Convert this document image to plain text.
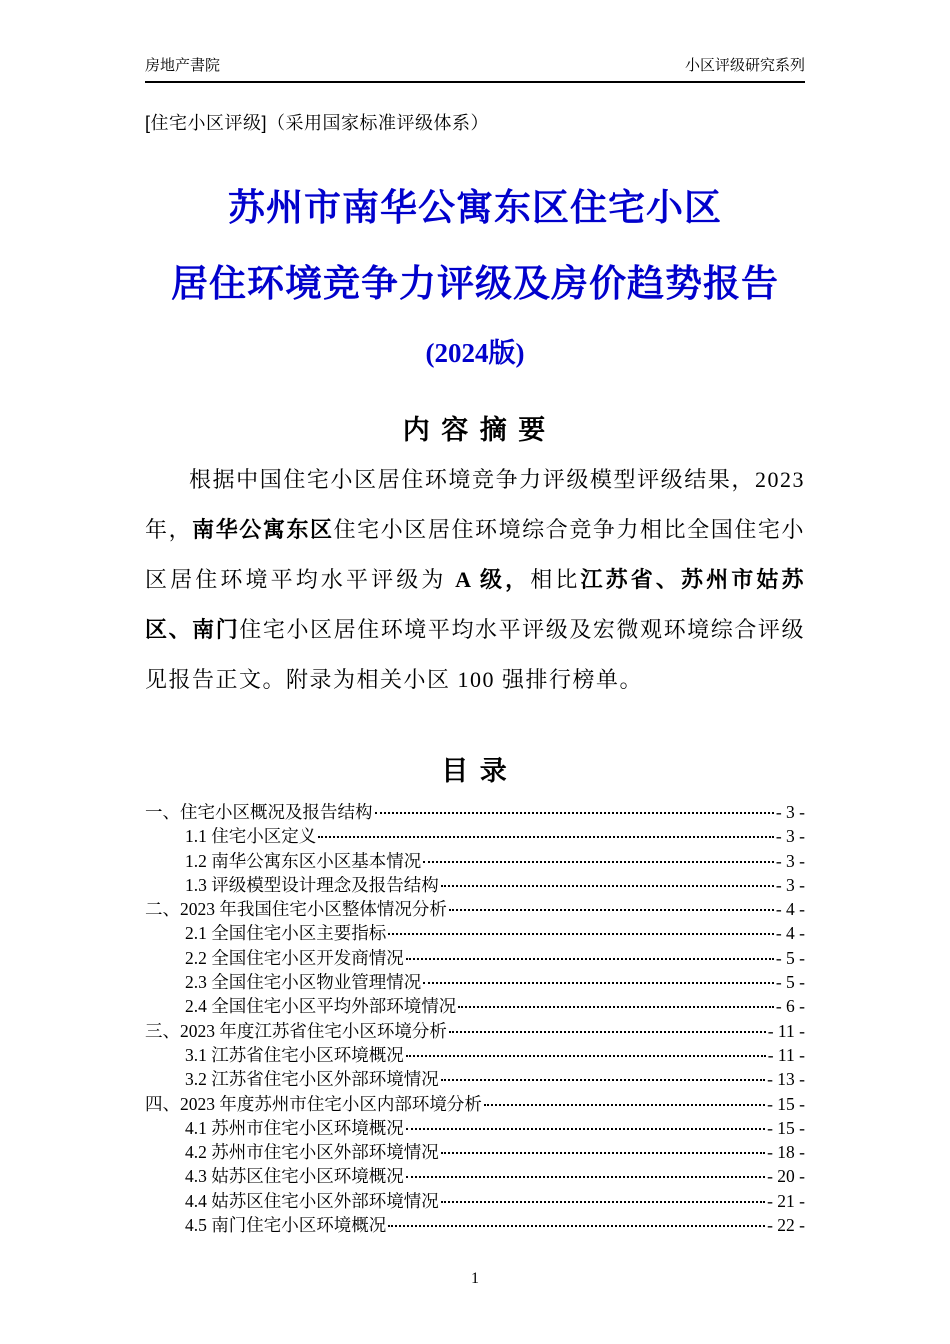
房地产書院	小区评级研究系列
[住宅小区评级]（采用国家标准评级体系）
苏州市南华公寓东区住宅小区
居住环境竞争力评级及房价趋势报告
(2024版)
内 容 摘 要

根据中国住宅小区居住环境竞争力评级模型评级结果，2023 年，南华公寓东区住宅小区居住环境综合竞争力相比全国住宅小区居住环境平均水平评级为 A 级，相比江苏省、苏州市姑苏区、南门住宅小区居住环境平均水平评级及宏微观环境综合评级见报告正文。附录为相关小区 100 强排行榜单。

目 录
一、住宅小区概况及报告结构	- 3 -
1.1 住宅小区定义	- 3 -
1.2 南华公寓东区小区基本情况	- 3 -
1.3 评级模型设计理念及报告结构	- 3 -
二、2023 年我国住宅小区整体情况分析	- 4 -
2.1 全国住宅小区主要指标	- 4 -
2.2 全国住宅小区开发商情况	- 5 -
2.3 全国住宅小区物业管理情况	- 5 -
2.4 全国住宅小区平均外部环境情况	- 6 -
三、2023 年度江苏省住宅小区环境分析	- 11 -
3.1 江苏省住宅小区环境概况	- 11 -
3.2 江苏省住宅小区外部环境情况	- 13 -
四、2023 年度苏州市住宅小区内部环境分析	- 15 -
4.1 苏州市住宅小区环境概况	- 15 -
4.2 苏州市住宅小区外部环境情况	- 18 -
4.3 姑苏区住宅小区环境概况	- 20 -
4.4 姑苏区住宅小区外部环境情况	- 21 -
4.5 南门住宅小区环境概况	- 22 -
1
